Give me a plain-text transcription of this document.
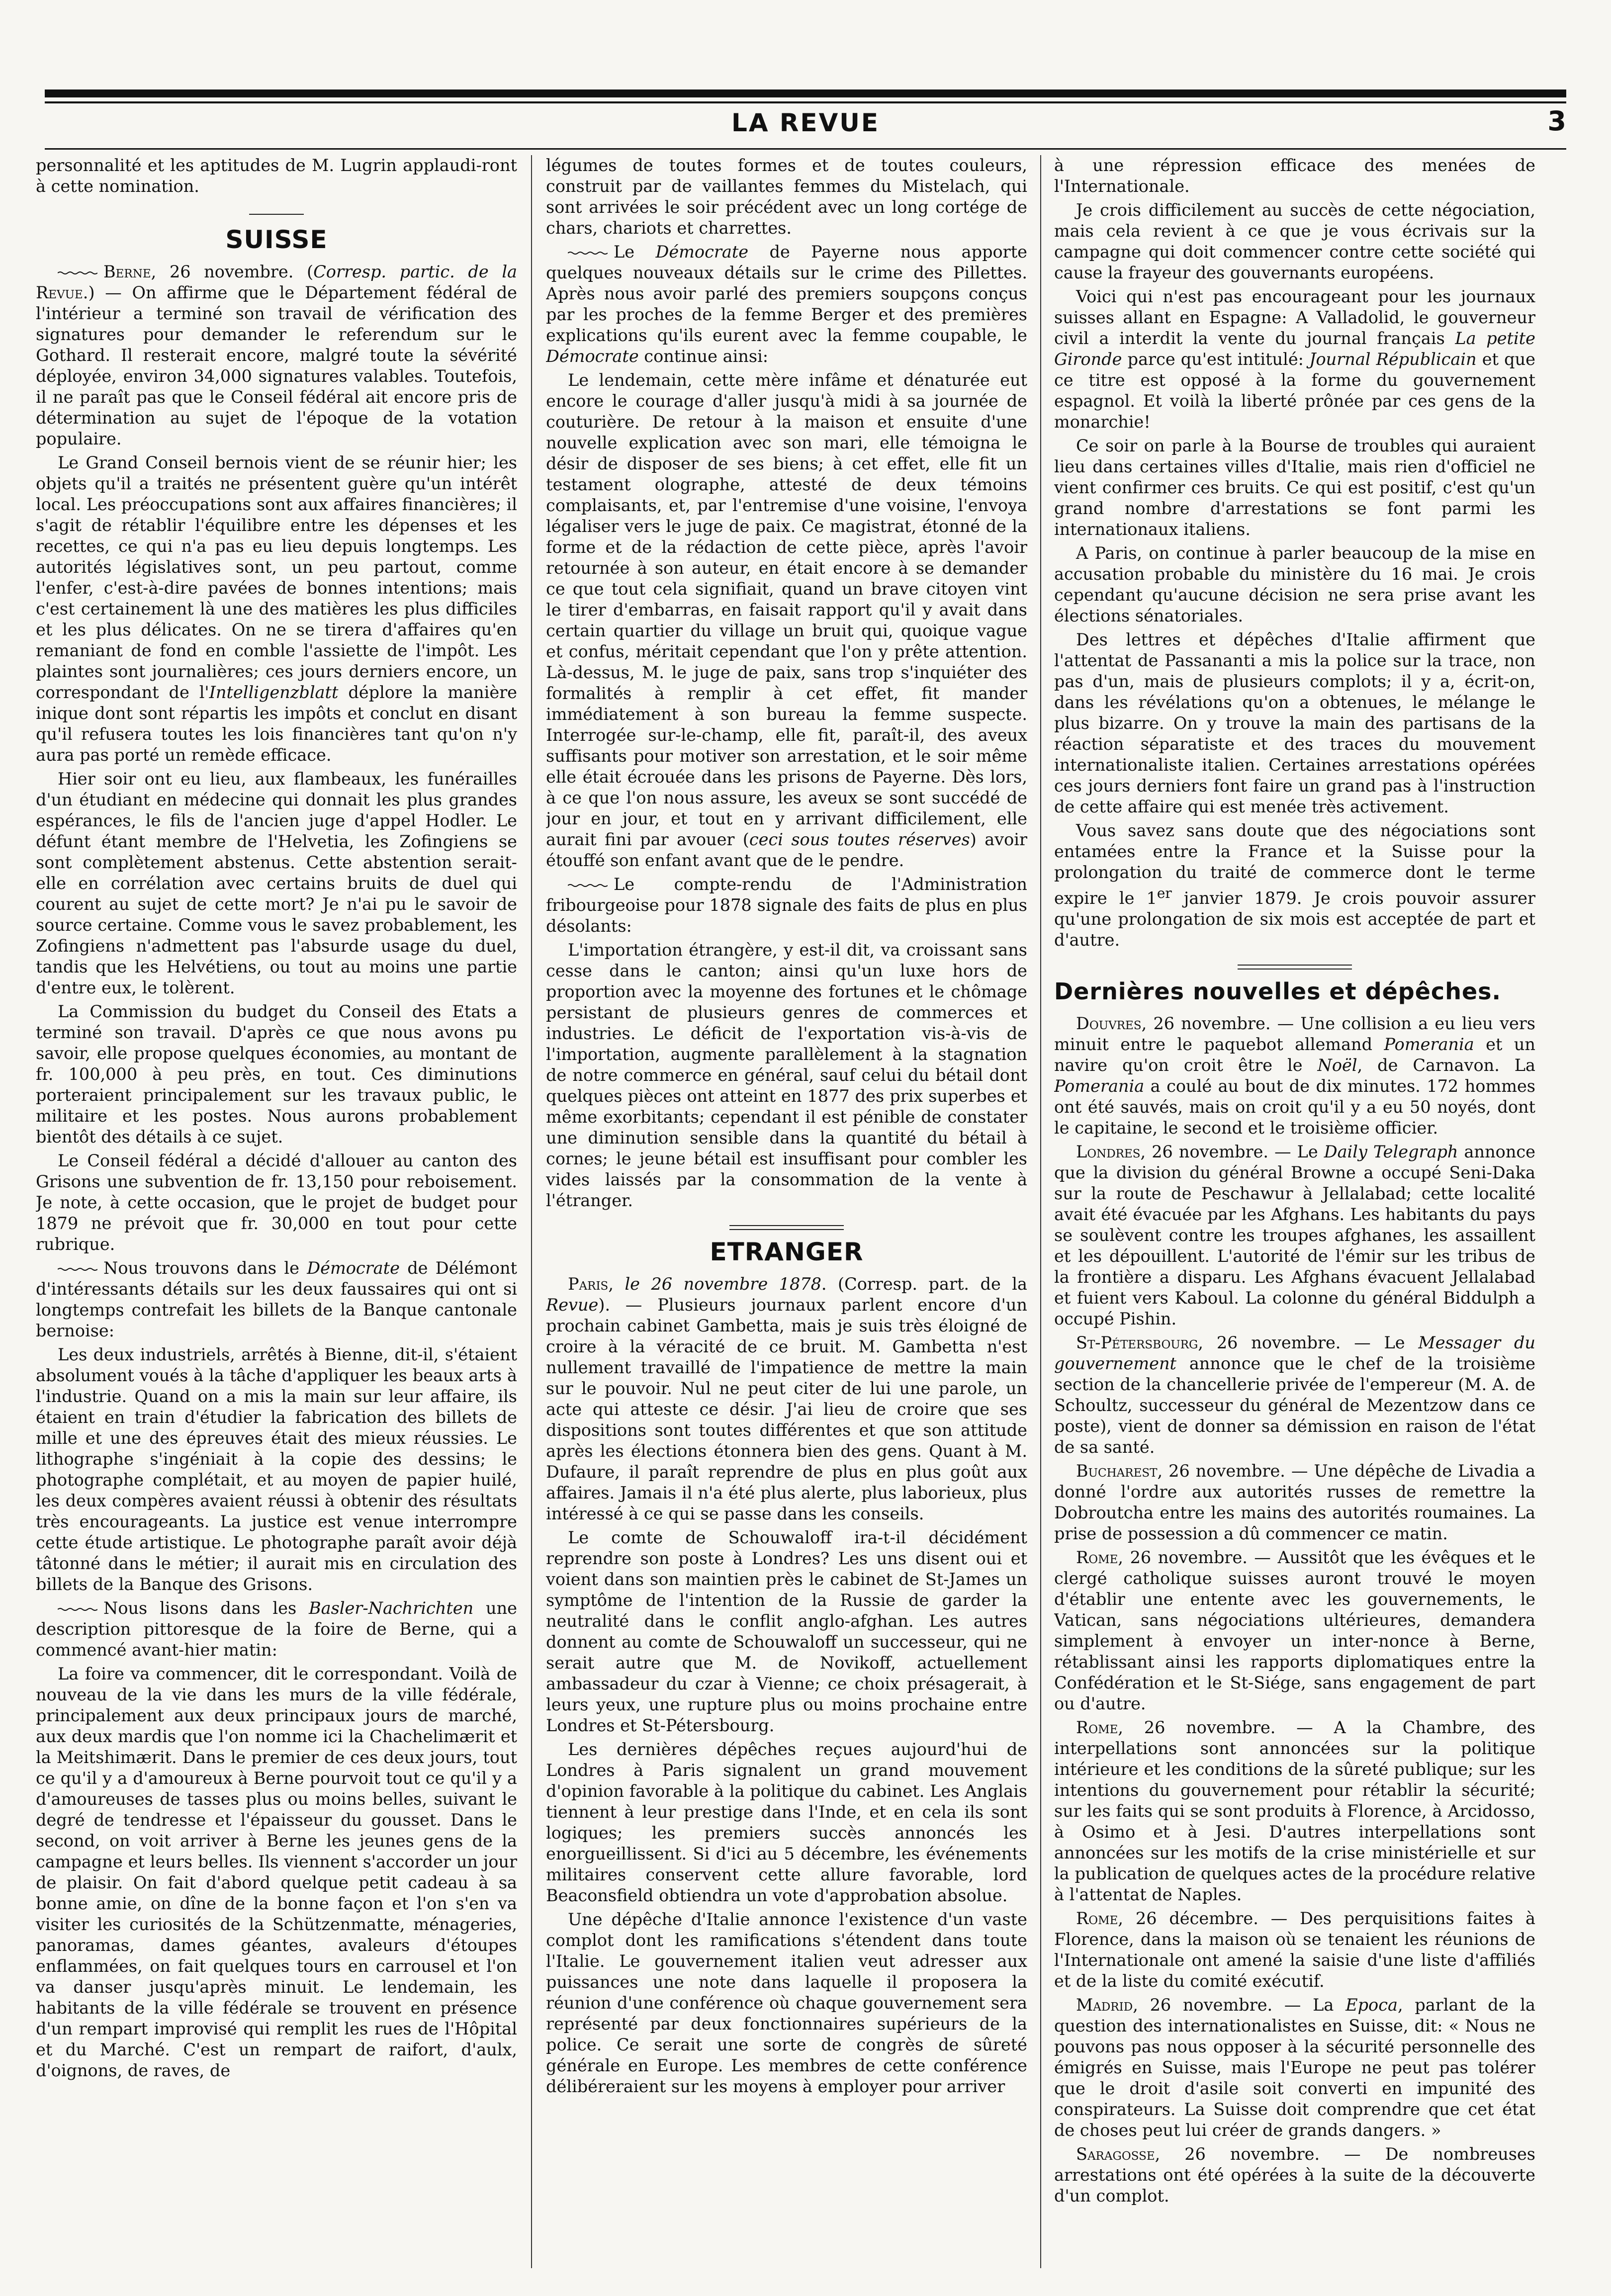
LA REVUE	3

personnalité et les aptitudes de M. Lugrin applaudi-ront à cette nomination.

SUISSE

Berne, 26 novembre. (Corresp. partic. de la Revue.) — On affirme que le Département fédéral de l'intérieur a terminé son travail de vérification des signatures pour demander le referendum sur le Gothard. Il resterait encore, malgré toute la sévérité déployée, environ 34,000 signatures valables. Toutefois, il ne paraît pas que le Conseil fédéral ait encore pris de détermination au sujet de l'époque de la votation populaire.

Le Grand Conseil bernois vient de se réunir hier; les objets qu'il a traités ne présentent guère qu'un intérêt local. Les préoccupations sont aux affaires financières; il s'agit de rétablir l'équilibre entre les dépenses et les recettes, ce qui n'a pas eu lieu depuis longtemps. Les autorités législatives sont, un peu partout, comme l'enfer, c'est-à-dire pavées de bonnes intentions; mais c'est certainement là une des matières les plus difficiles et les plus délicates. On ne se tirera d'affaires qu'en remaniant de fond en comble l'assiette de l'impôt. Les plaintes sont journalières; ces jours derniers encore, un correspondant de l'Intelligenzblatt déplore la manière inique dont sont répartis les impôts et conclut en disant qu'il refusera toutes les lois financières tant qu'on n'y aura pas porté un remède efficace.

Hier soir ont eu lieu, aux flambeaux, les funérailles d'un étudiant en médecine qui donnait les plus grandes espérances, le fils de l'ancien juge d'appel Hodler. Le défunt étant membre de l'Helvetia, les Zofingiens se sont complètement abstenus. Cette abstention serait-elle en corrélation avec certains bruits de duel qui courent au sujet de cette mort? Je n'ai pu le savoir de source certaine. Comme vous le savez probablement, les Zofingiens n'admettent pas l'absurde usage du duel, tandis que les Helvétiens, ou tout au moins une partie d'entre eux, le tolèrent.

La Commission du budget du Conseil des Etats a terminé son travail. D'après ce que nous avons pu savoir, elle propose quelques économies, au montant de fr. 100,000 à peu près, en tout. Ces diminutions porteraient principalement sur les travaux public, le militaire et les postes. Nous aurons probablement bientôt des détails à ce sujet.

Le Conseil fédéral a décidé d'allouer au canton des Grisons une subvention de fr. 13,150 pour reboisement. Je note, à cette occasion, que le projet de budget pour 1879 ne prévoit que fr. 30,000 en tout pour cette rubrique.

Nous trouvons dans le Démocrate de Délémont d'intéressants détails sur les deux faussaires qui ont si longtemps contrefait les billets de la Banque cantonale bernoise:

Les deux industriels, arrêtés à Bienne, dit-il, s'étaient absolument voués à la tâche d'appliquer les beaux arts à l'industrie. Quand on a mis la main sur leur affaire, ils étaient en train d'étudier la fabrication des billets de mille et une des épreuves était des mieux réussies. Le lithographe s'ingéniait à la copie des dessins; le photographe complétait, et au moyen de papier huilé, les deux compères avaient réussi à obtenir des résultats très encourageants. La justice est venue interrompre cette étude artistique. Le photographe paraît avoir déjà tâtonné dans le métier; il aurait mis en circulation des billets de la Banque des Grisons.

Nous lisons dans les Basler-Nachrichten une description pittoresque de la foire de Berne, qui a commencé avant-hier matin:

La foire va commencer, dit le correspondant. Voilà de nouveau de la vie dans les murs de la ville fédérale, principalement aux deux principaux jours de marché, aux deux mardis que l'on nomme ici la Chachelimærit et la Meitshimærit. Dans le premier de ces deux jours, tout ce qu'il y a d'amoureux à Berne pourvoit tout ce qu'il y a d'amoureuses de tasses plus ou moins belles, suivant le degré de tendresse et l'épaisseur du gousset. Dans le second, on voit arriver à Berne les jeunes gens de la campagne et leurs belles. Ils viennent s'accorder un jour de plaisir. On fait d'abord quelque petit cadeau à sa bonne amie, on dîne de la bonne façon et l'on s'en va visiter les curiosités de la Schützenmatte, ménageries, panoramas, dames géantes, avaleurs d'étoupes enflammées, on fait quelques tours en carrousel et l'on va danser jusqu'après minuit. Le lendemain, les habitants de la ville fédérale se trouvent en présence d'un rempart improvisé qui remplit les rues de l'Hôpital et du Marché. C'est un rempart de raifort, d'aulx, d'oignons, de raves, de

légumes de toutes formes et de toutes couleurs, construit par de vaillantes femmes du Mistelach, qui sont arrivées le soir précédent avec un long cortége de chars, chariots et charrettes.

Le Démocrate de Payerne nous apporte quelques nouveaux détails sur le crime des Pillettes. Après nous avoir parlé des premiers soupçons conçus par les proches de la femme Berger et des premières explications qu'ils eurent avec la femme coupable, le Démocrate continue ainsi:

Le lendemain, cette mère infâme et dénaturée eut encore le courage d'aller jusqu'à midi à sa journée de couturière. De retour à la maison et ensuite d'une nouvelle explication avec son mari, elle témoigna le désir de disposer de ses biens; à cet effet, elle fit un testament olographe, attesté de deux témoins complaisants, et, par l'entremise d'une voisine, l'envoya légaliser vers le juge de paix. Ce magistrat, étonné de la forme et de la rédaction de cette pièce, après l'avoir retournée à son auteur, en était encore à se demander ce que tout cela signifiait, quand un brave citoyen vint le tirer d'embarras, en faisait rapport qu'il y avait dans certain quartier du village un bruit qui, quoique vague et confus, méritait cependant que l'on y prête attention. Là-dessus, M. le juge de paix, sans trop s'inquiéter des formalités à remplir à cet effet, fit mander immédiatement à son bureau la femme suspecte. Interrogée sur-le-champ, elle fit, paraît-il, des aveux suffisants pour motiver son arrestation, et le soir même elle était écrouée dans les prisons de Payerne. Dès lors, à ce que l'on nous assure, les aveux se sont succédé de jour en jour, et tout en y arrivant difficilement, elle aurait fini par avouer (ceci sous toutes réserves) avoir étouffé son enfant avant que de le pendre.

Le compte-rendu de l'Administration fribourgeoise pour 1878 signale des faits de plus en plus désolants:

L'importation étrangère, y est-il dit, va croissant sans cesse dans le canton; ainsi qu'un luxe hors de proportion avec la moyenne des fortunes et le chômage persistant de plusieurs genres de commerces et industries. Le déficit de l'exportation vis-à-vis de l'importation, augmente parallèlement à la stagnation de notre commerce en général, sauf celui du bétail dont quelques pièces ont atteint en 1877 des prix superbes et même exorbitants; cependant il est pénible de constater une diminution sensible dans la quantité du bétail à cornes; le jeune bétail est insuffisant pour combler les vides laissés par la consommation de la vente à l'étranger.

ETRANGER

Paris, le 26 novembre 1878. (Corresp. part. de la Revue). — Plusieurs journaux parlent encore d'un prochain cabinet Gambetta, mais je suis très éloigné de croire à la véracité de ce bruit. M. Gambetta n'est nullement travaillé de l'impatience de mettre la main sur le pouvoir. Nul ne peut citer de lui une parole, un acte qui atteste ce désir. J'ai lieu de croire que ses dispositions sont toutes différentes et que son attitude après les élections étonnera bien des gens. Quant à M. Dufaure, il paraît reprendre de plus en plus goût aux affaires. Jamais il n'a été plus alerte, plus laborieux, plus intéressé à ce qui se passe dans les conseils.

Le comte de Schouwaloff ira-t-il décidément reprendre son poste à Londres? Les uns disent oui et voient dans son maintien près le cabinet de St-James un symptôme de l'intention de la Russie de garder la neutralité dans le conflit anglo-afghan. Les autres donnent au comte de Schouwaloff un successeur, qui ne serait autre que M. de Novikoff, actuellement ambassadeur du czar à Vienne; ce choix présagerait, à leurs yeux, une rupture plus ou moins prochaine entre Londres et St-Pétersbourg.

Les dernières dépêches reçues aujourd'hui de Londres à Paris signalent un grand mouvement d'opinion favorable à la politique du cabinet. Les Anglais tiennent à leur prestige dans l'Inde, et en cela ils sont logiques; les premiers succès annoncés les enorgueillissent. Si d'ici au 5 décembre, les événements militaires conservent cette allure favorable, lord Beaconsfield obtiendra un vote d'approbation absolue.

Une dépêche d'Italie annonce l'existence d'un vaste complot dont les ramifications s'étendent dans toute l'Italie. Le gouvernement italien veut adresser aux puissances une note dans laquelle il proposera la réunion d'une conférence où chaque gouvernement sera représenté par deux fonctionnaires supérieurs de la police. Ce serait une sorte de congrès de sûreté générale en Europe. Les membres de cette conférence délibéreraient sur les moyens à employer pour arriver

à une répression efficace des menées de l'Internationale.

Je crois difficilement au succès de cette négociation, mais cela revient à ce que je vous écrivais sur la campagne qui doit commencer contre cette société qui cause la frayeur des gouvernants européens.

Voici qui n'est pas encourageant pour les journaux suisses allant en Espagne: A Valladolid, le gouverneur civil a interdit la vente du journal français La petite Gironde parce qu'est intitulé: Journal Républicain et que ce titre est opposé à la forme du gouvernement espagnol. Et voilà la liberté prônée par ces gens de la monarchie!

Ce soir on parle à la Bourse de troubles qui auraient lieu dans certaines villes d'Italie, mais rien d'officiel ne vient confirmer ces bruits. Ce qui est positif, c'est qu'un grand nombre d'arrestations se font parmi les internationaux italiens.

A Paris, on continue à parler beaucoup de la mise en accusation probable du ministère du 16 mai. Je crois cependant qu'aucune décision ne sera prise avant les élections sénatoriales.

Des lettres et dépêches d'Italie affirment que l'attentat de Passananti a mis la police sur la trace, non pas d'un, mais de plusieurs complots; il y a, écrit-on, dans les révélations qu'on a obtenues, le mélange le plus bizarre. On y trouve la main des partisans de la réaction séparatiste et des traces du mouvement internationaliste italien. Certaines arrestations opérées ces jours derniers font faire un grand pas à l'instruction de cette affaire qui est menée très activement.

Vous savez sans doute que des négociations sont entamées entre la France et la Suisse pour la prolongation du traité de commerce dont le terme expire le 1er janvier 1879. Je crois pouvoir assurer qu'une prolongation de six mois est acceptée de part et d'autre.

Dernières nouvelles et dépêches.

Douvres, 26 novembre. — Une collision a eu lieu vers minuit entre le paquebot allemand Pomerania et un navire qu'on croit être le Noël, de Carnavon. La Pomerania a coulé au bout de dix minutes. 172 hommes ont été sauvés, mais on croit qu'il y a eu 50 noyés, dont le capitaine, le second et le troisième officier.

Londres, 26 novembre. — Le Daily Telegraph annonce que la division du général Browne a occupé Seni-Daka sur la route de Peschawur à Jellalabad; cette localité avait été évacuée par les Afghans. Les habitants du pays se soulèvent contre les troupes afghanes, les assaillent et les dépouillent. L'autorité de l'émir sur les tribus de la frontière a disparu. Les Afghans évacuent Jellalabad et fuient vers Kaboul. La colonne du général Biddulph a occupé Pishin.

St-Pétersbourg, 26 novembre. — Le Messager du gouvernement annonce que le chef de la troisième section de la chancellerie privée de l'empereur (M. A. de Schoultz, successeur du général de Mezentzow dans ce poste), vient de donner sa démission en raison de l'état de sa santé.

Bucharest, 26 novembre. — Une dépêche de Livadia a donné l'ordre aux autorités russes de remettre la Dobroutcha entre les mains des autorités roumaines. La prise de possession a dû commencer ce matin.

Rome, 26 novembre. — Aussitôt que les évêques et le clergé catholique suisses auront trouvé le moyen d'établir une entente avec les gouvernements, le Vatican, sans négociations ultérieures, demandera simplement à envoyer un inter-nonce à Berne, rétablissant ainsi les rapports diplomatiques entre la Confédération et le St-Siége, sans engagement de part ou d'autre.

Rome, 26 novembre. — A la Chambre, des interpellations sont annoncées sur la politique intérieure et les conditions de la sûreté publique; sur les intentions du gouvernement pour rétablir la sécurité; sur les faits qui se sont produits à Florence, à Arcidosso, à Osimo et à Jesi. D'autres interpellations sont annoncées sur les motifs de la crise ministérielle et sur la publication de quelques actes de la procédure relative à l'attentat de Naples.

Rome, 26 décembre. — Des perquisitions faites à Florence, dans la maison où se tenaient les réunions de l'Internationale ont amené la saisie d'une liste d'affiliés et de la liste du comité exécutif.

Madrid, 26 novembre. — La Epoca, parlant de la question des internationalistes en Suisse, dit: « Nous ne pouvons pas nous opposer à la sécurité personnelle des émigrés en Suisse, mais l'Europe ne peut pas tolérer que le droit d'asile soit converti en impunité des conspirateurs. La Suisse doit comprendre que cet état de choses peut lui créer de grands dangers. »

Saragosse, 26 novembre. — De nombreuses arrestations ont été opérées à la suite de la découverte d'un complot.
